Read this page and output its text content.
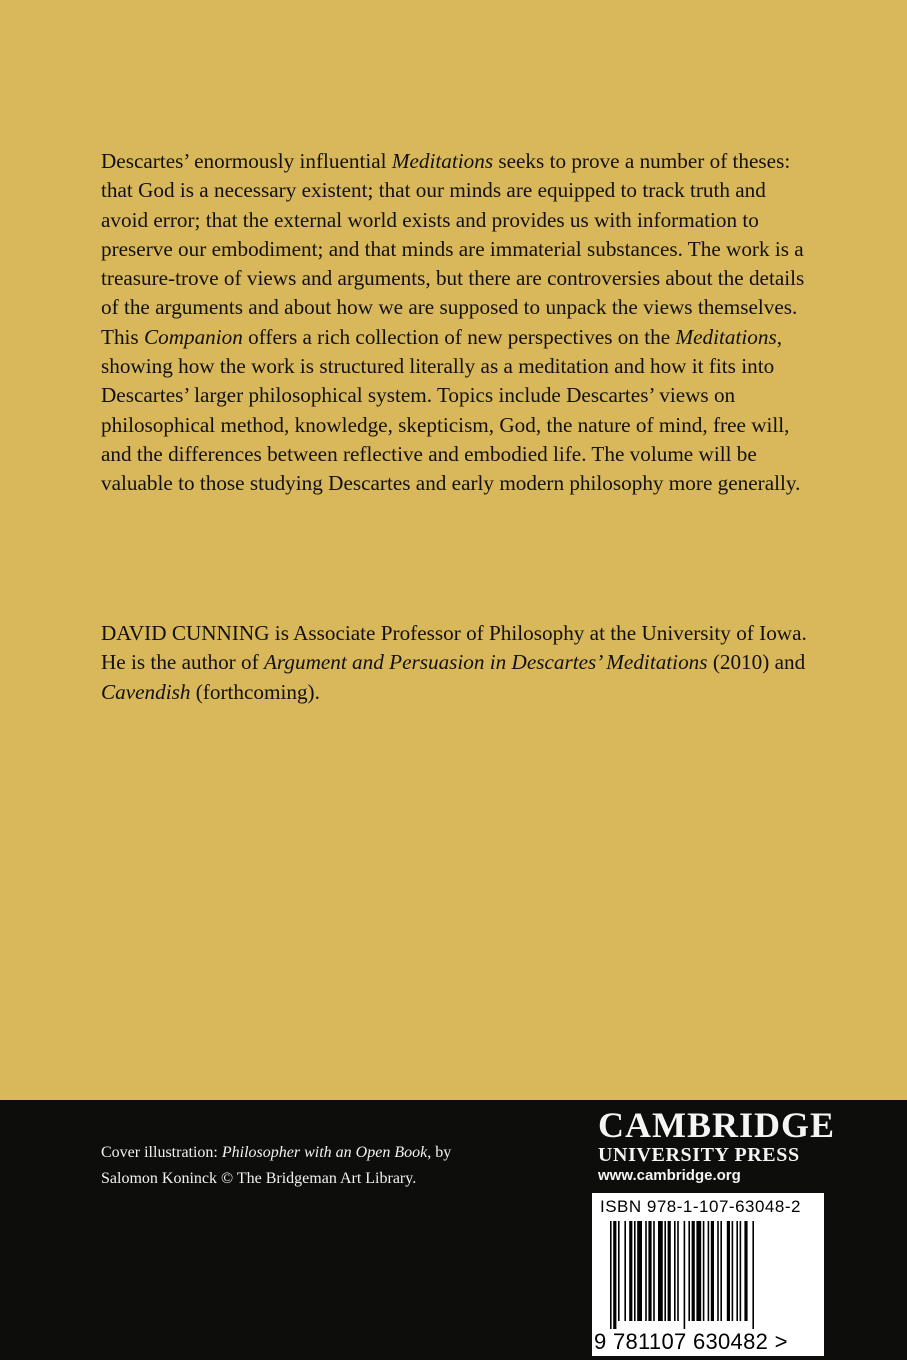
Descartes’ enormously influential Meditations seeks to prove a number of theses: that God is a necessary existent; that our minds are equipped to track truth and avoid error; that the external world exists and provides us with information to preserve our embodiment; and that minds are immaterial substances. The work is a treasure-trove of views and arguments, but there are controversies about the details of the arguments and about how we are supposed to unpack the views themselves.

This Companion offers a rich collection of new perspectives on the Meditations, showing how the work is structured literally as a meditation and how it fits into Descartes’ larger philosophical system. Topics include Descartes’ views on philosophical method, knowledge, skepticism, God, the nature of mind, free will, and the differences between reflective and embodied life. The volume will be valuable to those studying Descartes and early modern philosophy more generally.

DAVID CUNNING is Associate Professor of Philosophy at the University of Iowa. He is the author of Argument and Persuasion in Descartes’ Meditations (2010) and Cavendish (forthcoming).

Cover illustration: Philosopher with an Open Book, by Salomon Koninck © The Bridgeman Art Library.
CAMBRIDGE
UNIVERSITY PRESS
www.cambridge.org
ISBN 978-1-107-63048-2
9 781107 630482 >
